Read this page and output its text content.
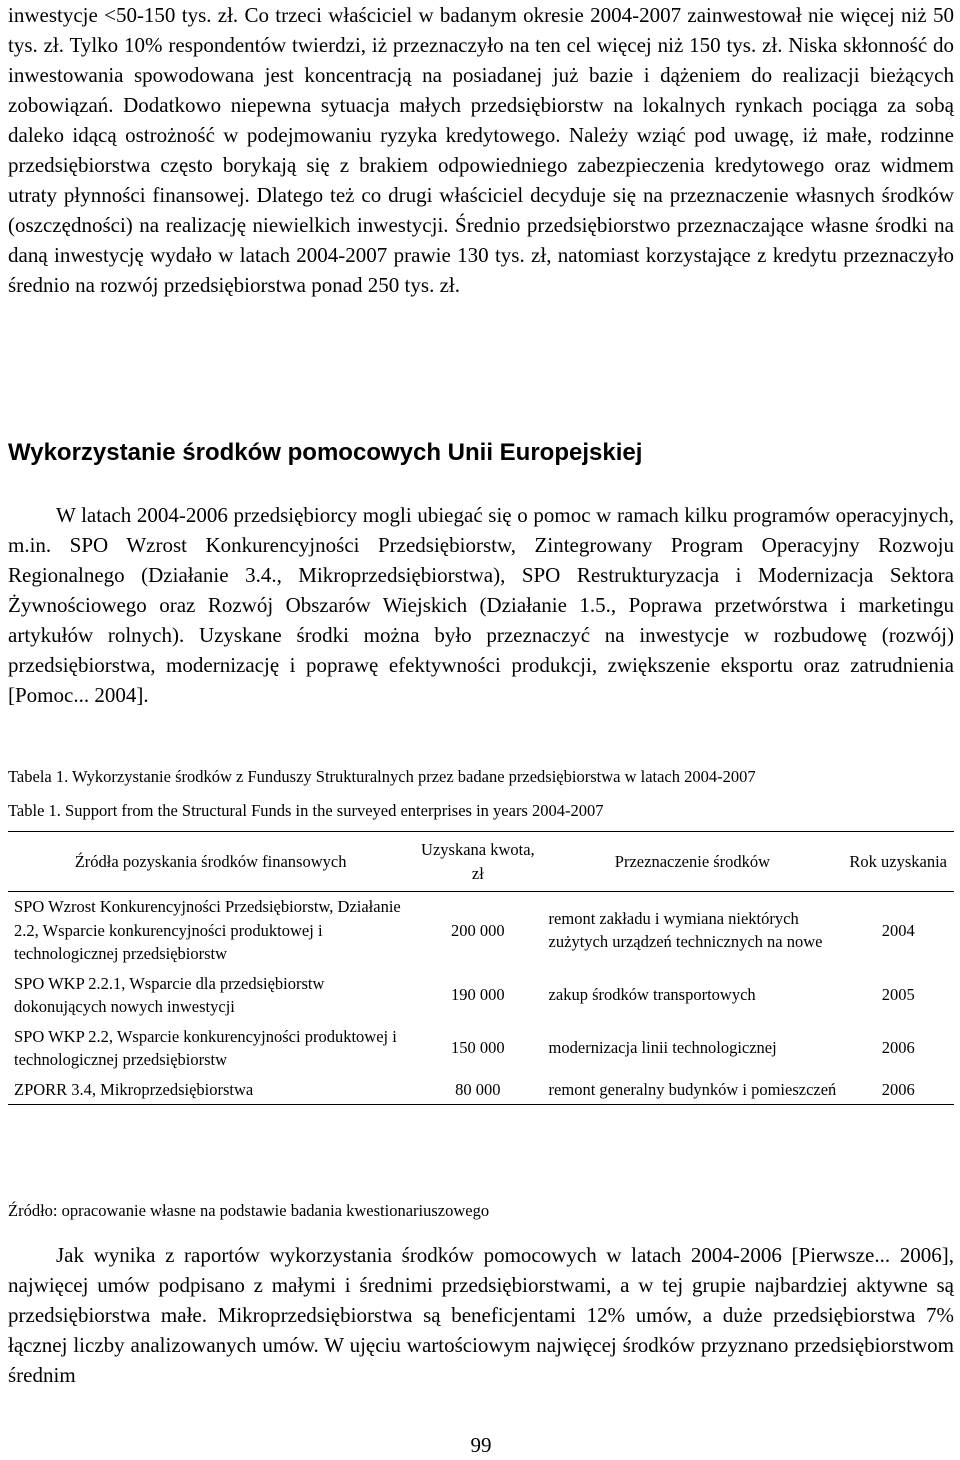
inwestycje <50-150 tys. zł. Co trzeci właściciel w badanym okresie 2004-2007 zainwestował nie więcej niż 50 tys. zł. Tylko 10% respondentów twierdzi, iż przeznaczyło na ten cel więcej niż 150 tys. zł. Niska skłonność do inwestowania spowodowana jest koncentracją na posiadanej już bazie i dążeniem do realizacji bieżących zobowiązań. Dodatkowo niepewna sytuacja małych przedsiębiorstw na lokalnych rynkach pociąga za sobą daleko idącą ostrożność w podejmowaniu ryzyka kredytowego. Należy wziąć pod uwagę, iż małe, rodzinne przedsiębiorstwa często borykają się z brakiem odpowiedniego zabezpieczenia kredytowego oraz widmem utraty płynności finansowej. Dlatego też co drugi właściciel decyduje się na przeznaczenie własnych środków (oszczędności) na realizację niewielkich inwestycji. Średnio przedsiębiorstwo przeznaczające własne środki na daną inwestycję wydało w latach 2004-2007 prawie 130 tys. zł, natomiast korzystające z kredytu przeznaczyło średnio na rozwój przedsiębiorstwa ponad 250 tys. zł.

Wykorzystanie środków pomocowych Unii Europejskiej

W latach 2004-2006 przedsiębiorcy mogli ubiegać się o pomoc w ramach kilku programów operacyjnych, m.in. SPO Wzrost Konkurencyjności Przedsiębiorstw, Zintegrowany Program Operacyjny Rozwoju Regionalnego (Działanie 3.4., Mikroprzedsiębiorstwa), SPO Restrukturyzacja i Modernizacja Sektora Żywnościowego oraz Rozwój Obszarów Wiejskich (Działanie 1.5., Poprawa przetwórstwa i marketingu artykułów rolnych). Uzyskane środki można było przeznaczyć na inwestycje w rozbudowę (rozwój) przedsiębiorstwa, modernizację i poprawę efektywności produkcji, zwiększenie eksportu oraz zatrudnienia [Pomoc... 2004].

Tabela 1. Wykorzystanie środków z Funduszy Strukturalnych przez badane przedsiębiorstwa w latach 2004-2007

Table 1. Support from the Structural Funds in the surveyed enterprises in years 2004-2007

Źródła pozyskania środków finansowych	Uzyskana kwota, zł	Przeznaczenie środków	Rok uzyskania
SPO Wzrost Konkurencyjności Przedsiębiorstw, Działanie 2.2, Wsparcie konkurencyjności produktowej i technologicznej przedsiębiorstw	200 000	remont zakładu i wymiana niektórych zużytych urządzeń technicznych na nowe	2004
SPO WKP 2.2.1, Wsparcie dla przedsiębiorstw dokonujących nowych inwestycji	190 000	zakup środków transportowych	2005
SPO WKP 2.2, Wsparcie konkurencyjności produktowej i technologicznej przedsiębiorstw	150 000	modernizacja linii technologicznej	2006
ZPORR 3.4, Mikroprzedsiębiorstwa	80 000	remont generalny budynków i pomieszczeń	2006

Źródło: opracowanie własne na podstawie badania kwestionariuszowego

Jak wynika z raportów wykorzystania środków pomocowych w latach 2004-2006 [Pierwsze... 2006], najwięcej umów podpisano z małymi i średnimi przedsiębiorstwami, a w tej grupie najbardziej aktywne są przedsiębiorstwa małe. Mikroprzedsiębiorstwa są beneficjentami 12% umów, a duże przedsiębiorstwa 7% łącznej liczby analizowanych umów. W ujęciu wartościowym najwięcej środków przyznano przedsiębiorstwom średnim

99
